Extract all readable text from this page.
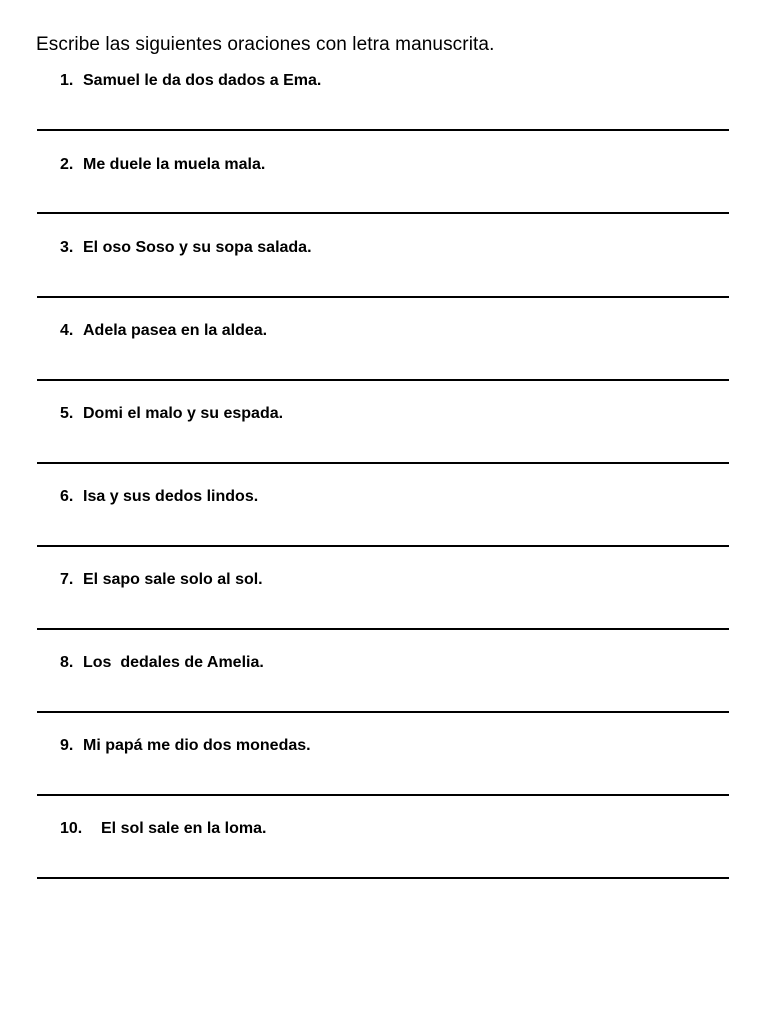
Escribe las siguientes oraciones con letra manuscrita.
1. Samuel le da dos dados a Ema.
2. Me duele la muela mala.
3. El oso Soso y su sopa salada.
4. Adela pasea en la aldea.
5. Domi el malo y su espada.
6. Isa y sus dedos lindos.
7. El sapo sale solo al sol.
8. Los  dedales de Amelia.
9. Mi papá me dio dos monedas.
10. El sol sale en la loma.
